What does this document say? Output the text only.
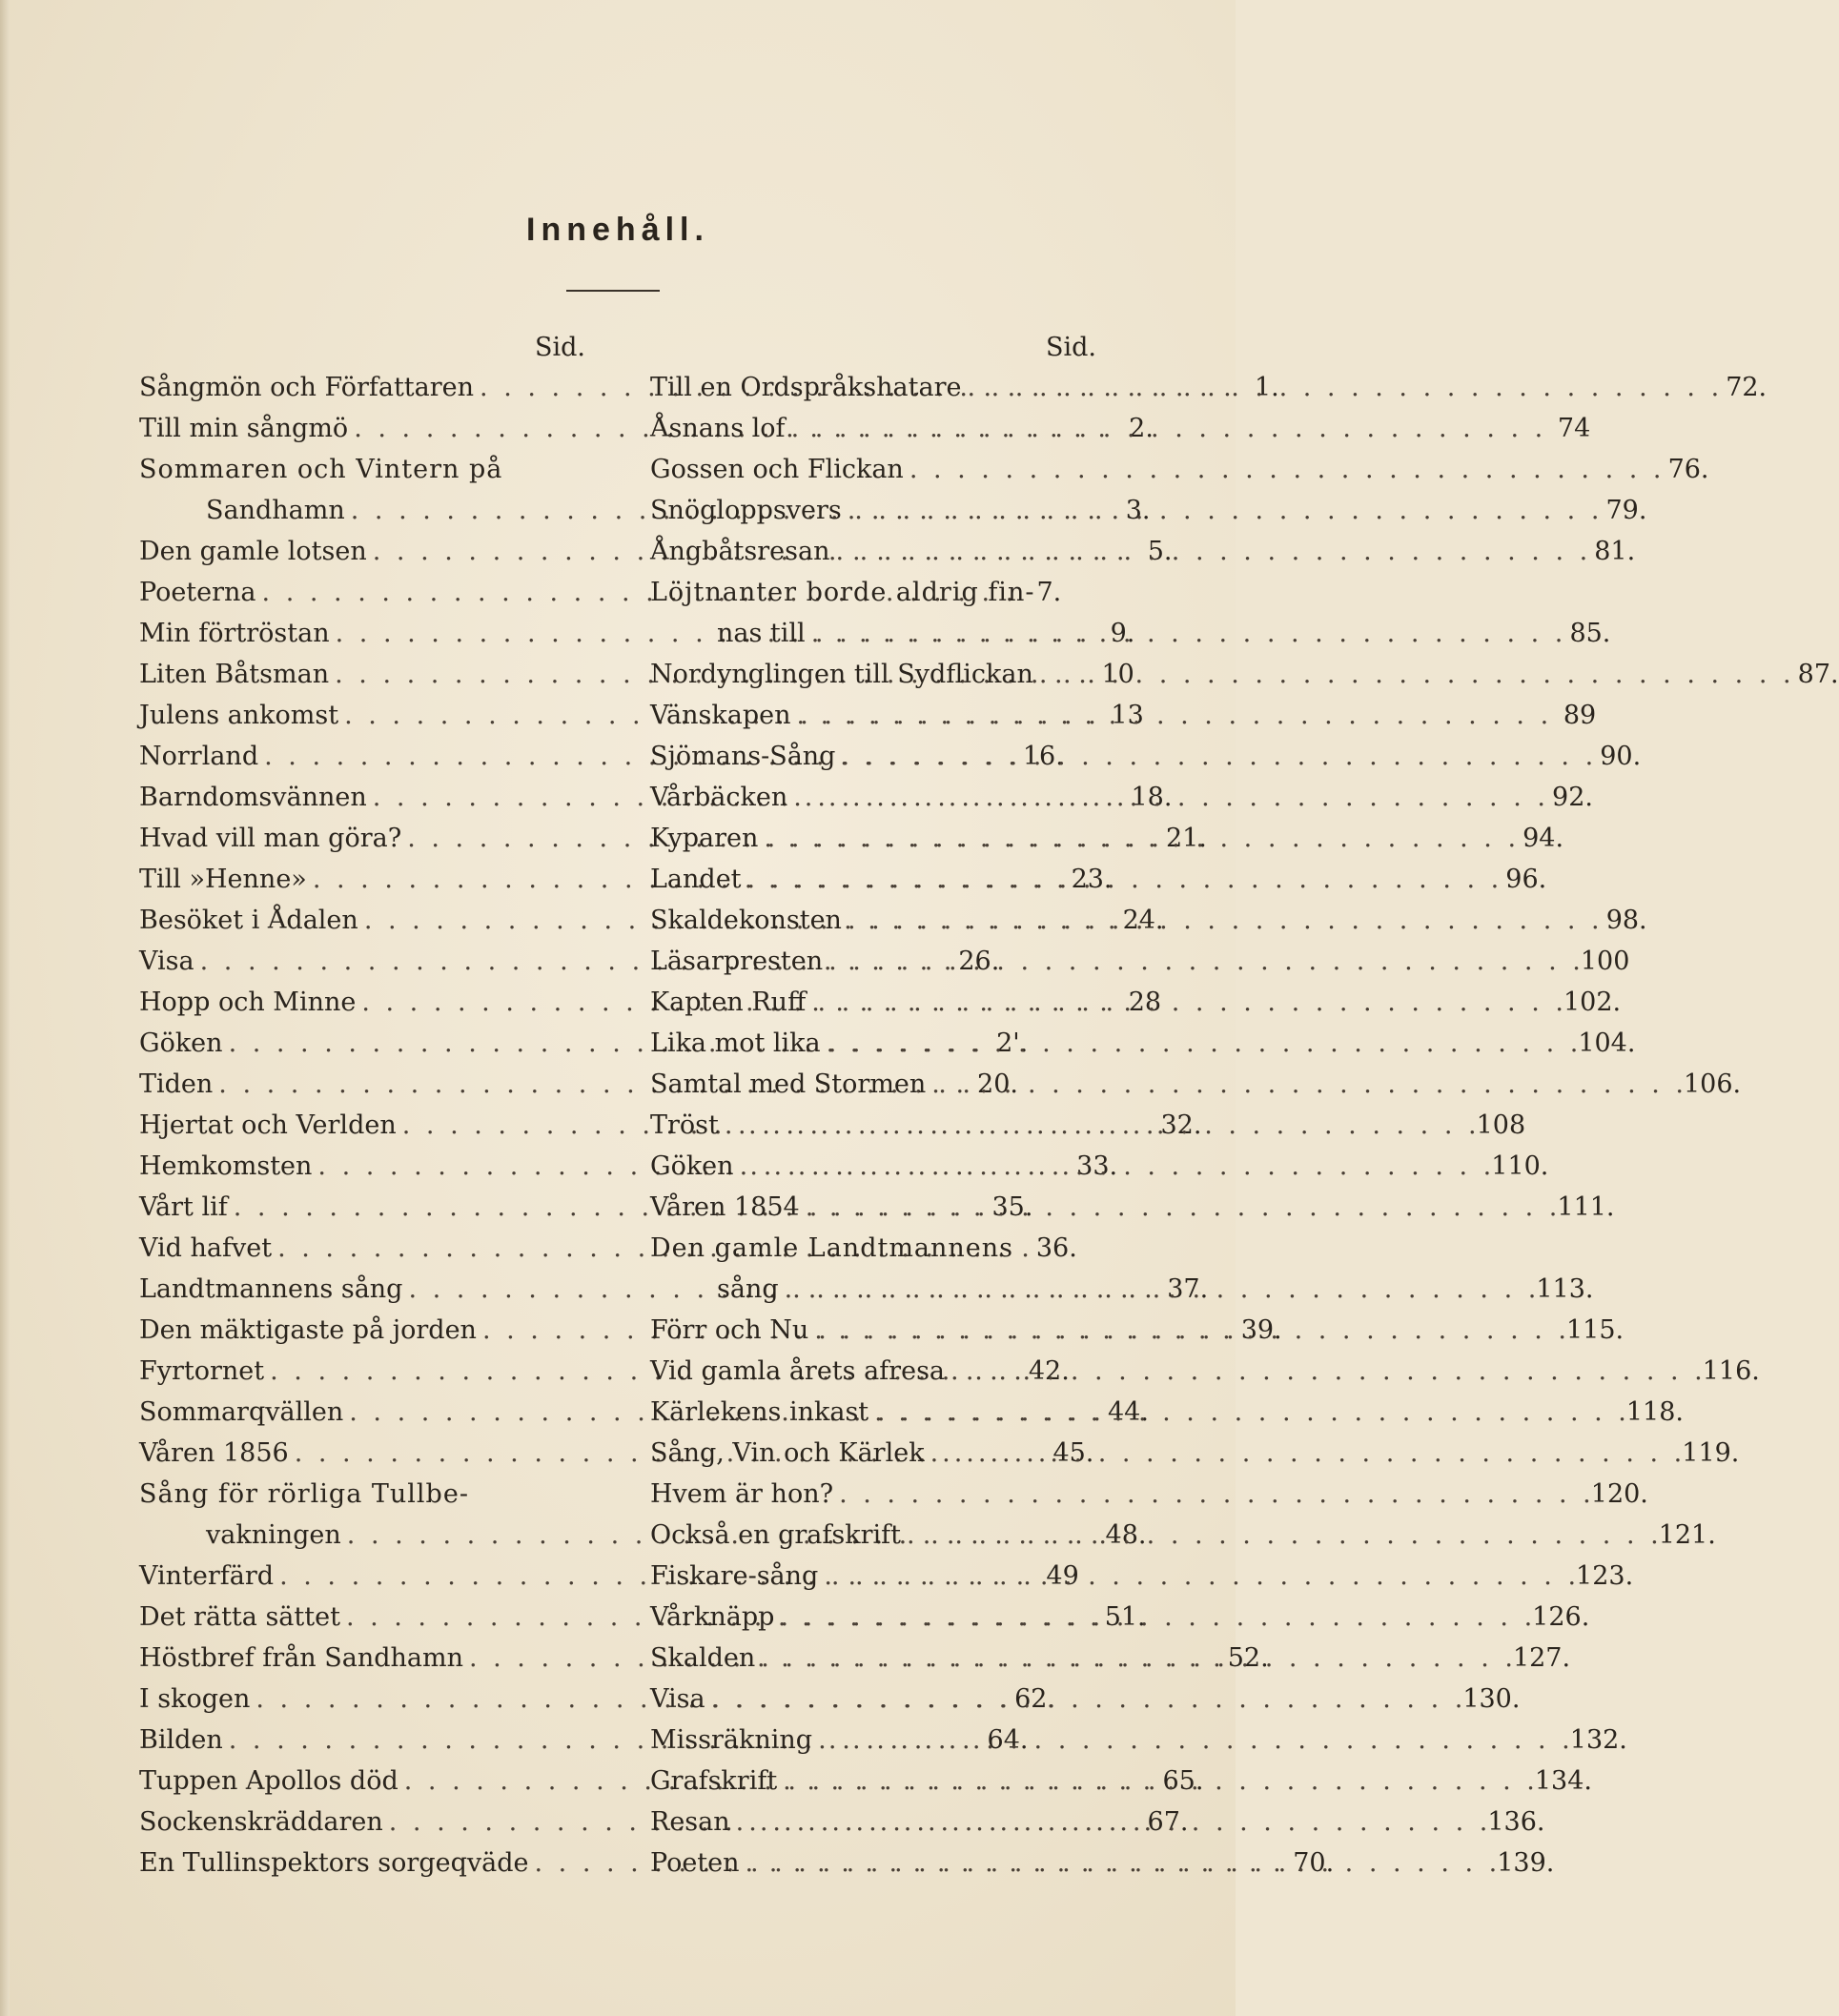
Innehåll.
Sid.
Sångmön och Författaren . . .	1.
Till min sångmö . . .	2.
Sommaren och Vintern på
Sandhamn . . .	3.
Den gamle lotsen . . .	5.
Poeterna . . .	7.
Min förtröstan . . .	9.
Liten Båtsman . . .	10
Julens ankomst . . .	13
Norrland . . .	16.
Barndomsvännen . . .	18.
Hvad vill man göra? . . .	21.
Till »Henne» . . .	23.
Besöket i Ådalen . . .	24.
Visa . . .	26.
Hopp och Minne . . .	28
Göken . . .	2'.
Tiden . . .	20.
Hjertat och Verlden . . .	32.
Hemkomsten . . .	33.
Vårt lif . . .	35.
Vid hafvet . . .	36.
Landtmannens sång . . .	37.
Den mäktigaste på jorden . . .	39.
Fyrtornet . . .	42.
Sommarqvällen . . .	44.
Våren 1856 . . .	45.
Sång för rörliga Tullbe-
vakningen . . .	48.
Vinterfärd . . .	49
Det rätta sättet . . .	51.
Höstbref från Sandhamn . . .	52.
I skogen . . .	62.
Bilden . . .	64.
Tuppen Apollos död . . .	65.
Sockenskräddaren . . .	67.
En Tullinspektors sorgeqväde . . .	70.
Sid.
Till en Ordspråkshatare . . .	72.
Åsnans lof . . .	74
Gossen och Flickan . . .	76.
Snögloppsvers . . .	79.
Ångbåtsresan . . .	81.
Löjtnanter borde aldrig fin-
nas till . . .	85.
Nordynglingen till Sydflickan . . .	87.
Vänskapen . . .	89
Sjömans-Sång . . .	90.
Vårbäcken . . .	92.
Kyparen . . .	94.
Landet . . .	96.
Skaldekonsten . . .	98.
Läsarpresten . . .	100
Kapten Ruff . . .	102.
Lika mot lika . . .	104.
Samtal med Stormen . . .	106.
Tröst . . .	108
Göken . . .	110.
Våren 1854 . . .	111.
Den gamle Landtmannens
sång . . .	113.
Förr och Nu . . .	115.
Vid gamla årets afresa . . .	116.
Kärlekens inkast . . .	118.
Sång, Vin och Kärlek . . .	119.
Hvem är hon? . . .	120.
Också en grafskrift . . .	121.
Fiskare-sång . . .	123.
Vårknäpp . . .	126.
Skalden . . .	127.
Visa . . .	130.
Missräkning . . .	132.
Grafskrift . . .	134.
Resan . . .	136.
Poeten . . .	139.
